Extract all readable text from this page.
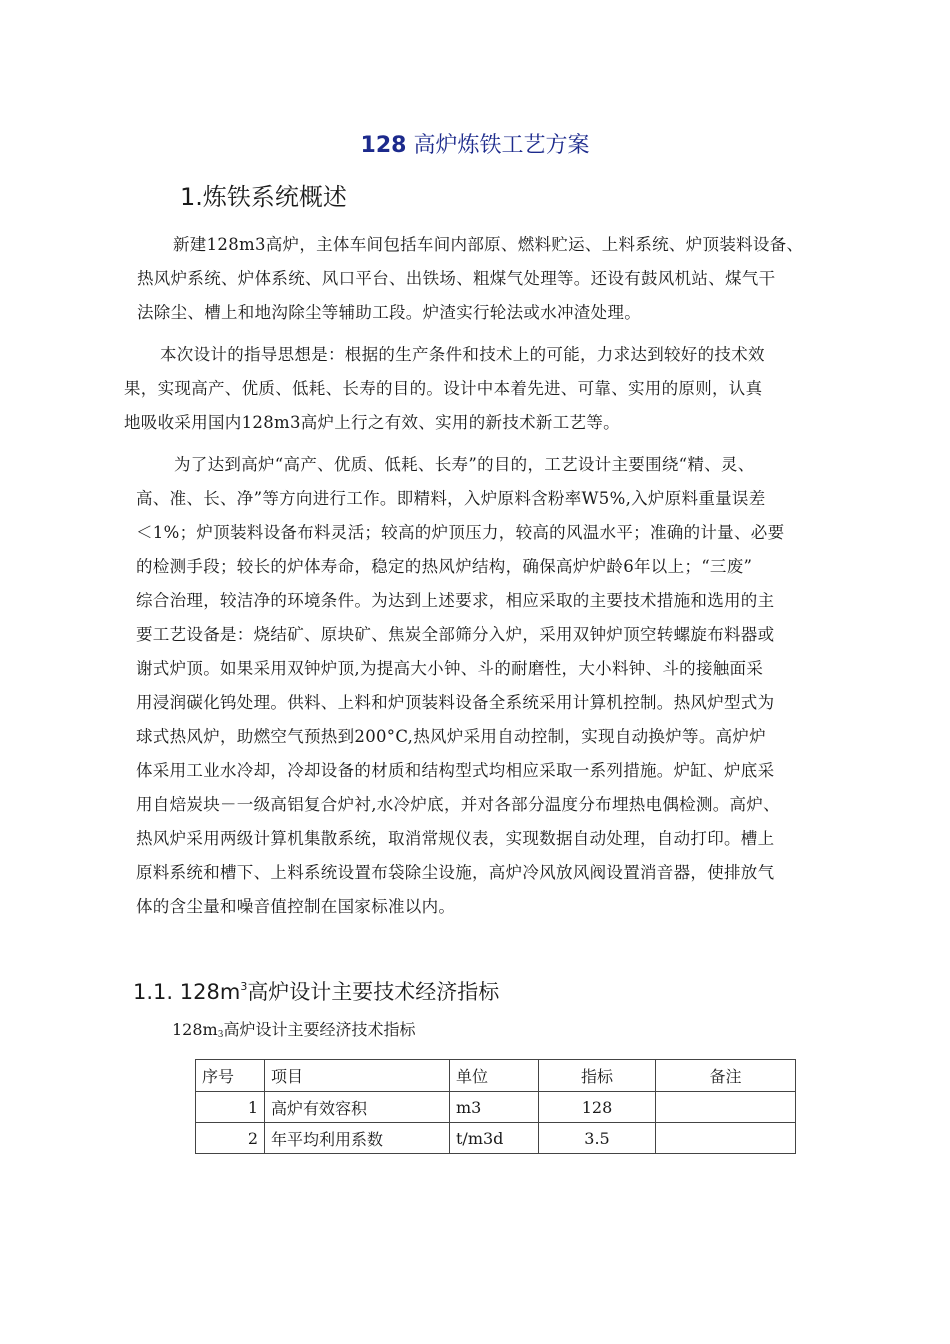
128 高炉炼铁工艺方案
1.炼铁系统概述
新建128m3高炉，主体车间包括车间内部原、燃料贮运、上料系统、炉顶装料设备、
热风炉系统、炉体系统、风口平台、出铁场、粗煤气处理等。还设有鼓风机站、煤气干
法除尘、槽上和地沟除尘等辅助工段。炉渣实行轮法或水冲渣处理。
本次设计的指导思想是：根据的生产条件和技术上的可能，力求达到较好的技术效
果，实现高产、优质、低耗、长寿的目的。设计中本着先进、可靠、实用的原则，认真
地吸收采用国内128m3高炉上行之有效、实用的新技术新工艺等。
为了达到高炉“高产、优质、低耗、长寿”的目的，工艺设计主要围绕“精、灵、
高、准、长、净”等方向进行工作。即精料，入炉原料含粉率W5%,入炉原料重量误差
＜1%；炉顶装料设备布料灵活；较高的炉顶压力，较高的风温水平；准确的计量、必要
的检测手段；较长的炉体寿命，稳定的热风炉结构，确保高炉炉龄6年以上；“三废”
综合治理，较洁净的环境条件。为达到上述要求，相应采取的主要技术措施和选用的主
要工艺设备是：烧结矿、原块矿、焦炭全部筛分入炉，采用双钟炉顶空转螺旋布料器或
谢式炉顶。如果采用双钟炉顶,为提高大小钟、斗的耐磨性，大小料钟、斗的接触面采
用浸润碳化钨处理。供料、上料和炉顶装料设备全系统采用计算机控制。热风炉型式为
球式热风炉，助燃空气预热到200°C,热风炉采用自动控制，实现自动换炉等。高炉炉
体采用工业水冷却，冷却设备的材质和结构型式均相应采取一系列措施。炉缸、炉底采
用自焙炭块－一级高铝复合炉衬,水冷炉底，并对各部分温度分布埋热电偶检测。高炉、
热风炉采用两级计算机集散系统，取消常规仪表，实现数据自动处理，自动打印。槽上
原料系统和槽下、上料系统设置布袋除尘设施，高炉冷风放风阀设置消音器，使排放气
体的含尘量和噪音值控制在国家标准以内。
1.1. $128m^3$高炉设计主要技术经济指标

128m3高炉设计主要经济技术指标

序号	项目	单位	指标	备注
1	高炉有效容积	m3	128	
2	年平均利用系数	t/m3d	3.5	
